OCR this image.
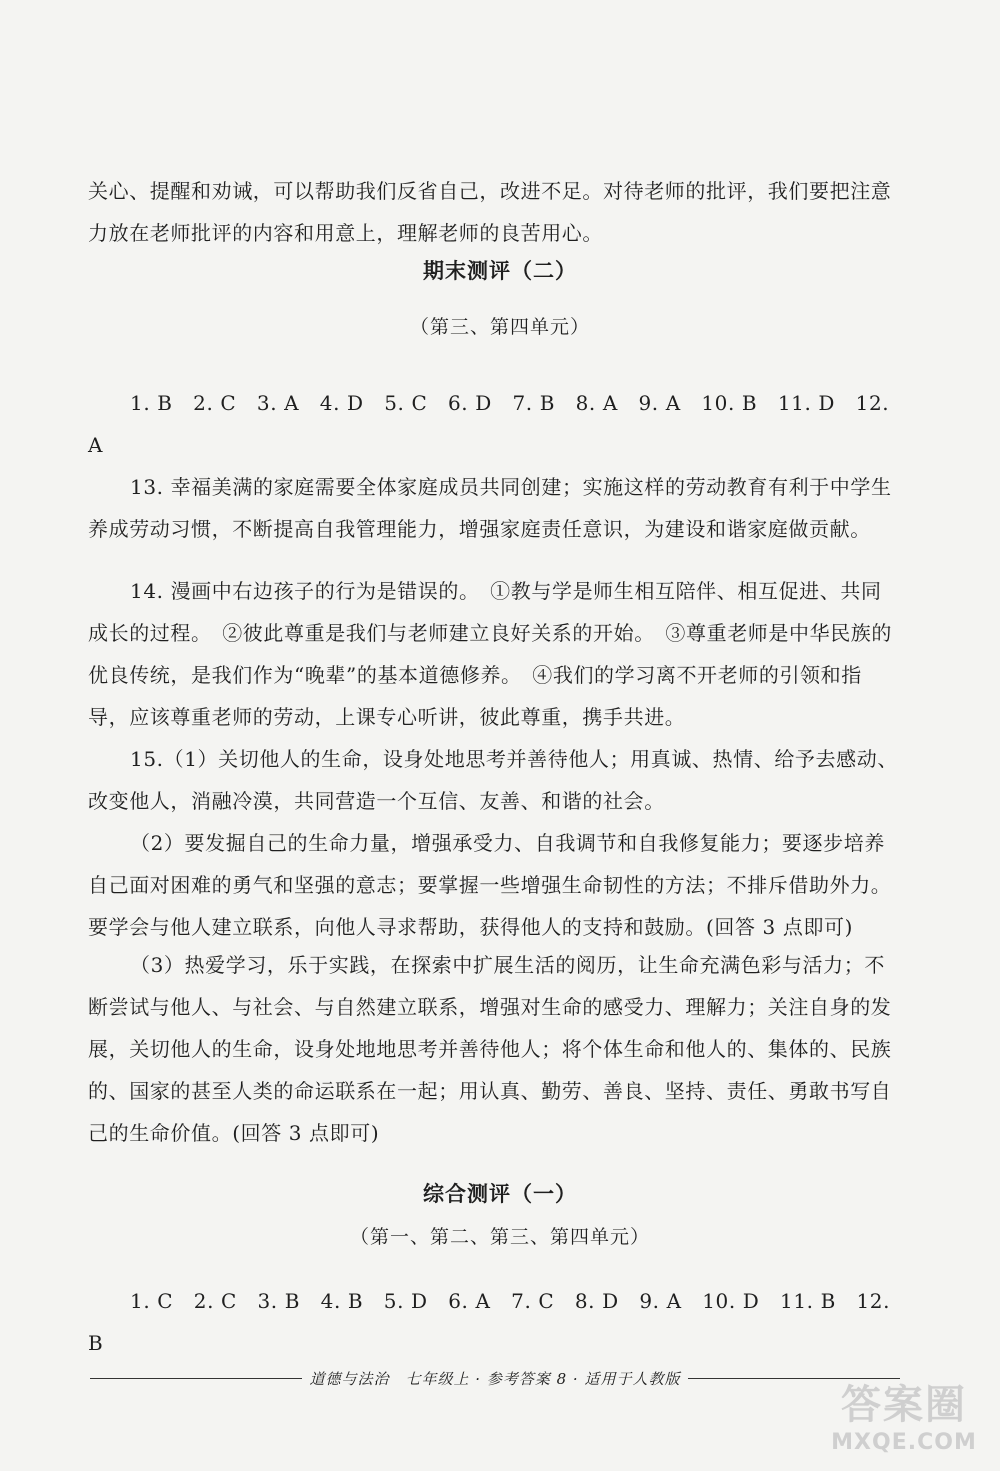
关心、提醒和劝诫，可以帮助我们反省自己，改进不足。对待老师的批评，我们要把注意力放在老师批评的内容和用意上，理解老师的良苦用心。

期末测评（二）
（第三、第四单元）

1. B　2. C　3. A　4. D　5. C　6. D　7. B　8. A　9. A　10. B　11. D　12. A

13. 幸福美满的家庭需要全体家庭成员共同创建；实施这样的劳动教育有利于中学生养成劳动习惯，不断提高自我管理能力，增强家庭责任意识，为建设和谐家庭做贡献。

14. 漫画中右边孩子的行为是错误的。　①教与学是师生相互陪伴、相互促进、共同成长的过程。　②彼此尊重是我们与老师建立良好关系的开始。　③尊重老师是中华民族的优良传统，是我们作为“晚辈”的基本道德修养。　④我们的学习离不开老师的引领和指导，应该尊重老师的劳动，上课专心听讲，彼此尊重，携手共进。

15.（1）关切他人的生命，设身处地思考并善待他人；用真诚、热情、给予去感动、改变他人，消融冷漠，共同营造一个互信、友善、和谐的社会。

（2）要发掘自己的生命力量，增强承受力、自我调节和自我修复能力；要逐步培养自己面对困难的勇气和坚强的意志；要掌握一些增强生命韧性的方法；不排斥借助外力。要学会与他人建立联系，向他人寻求帮助，获得他人的支持和鼓励。(回答 3 点即可)

（3）热爱学习，乐于实践，在探索中扩展生活的阅历，让生命充满色彩与活力；不断尝试与他人、与社会、与自然建立联系，增强对生命的感受力、理解力；关注自身的发展，关切他人的生命，设身处地地思考并善待他人；将个体生命和他人的、集体的、民族的、国家的甚至人类的命运联系在一起；用认真、勤劳、善良、坚持、责任、勇敢书写自己的生命价值。(回答 3 点即可)

综合测评（一）
（第一、第二、第三、第四单元）

1. C　2. C　3. B　4. B　5. D　6. A　7. C　8. D　9. A　10. D　11. B　12. B

道德与法治　七年级上 · 参考答案 8 · 适用于人教版
答案圈
MXQE.COM
